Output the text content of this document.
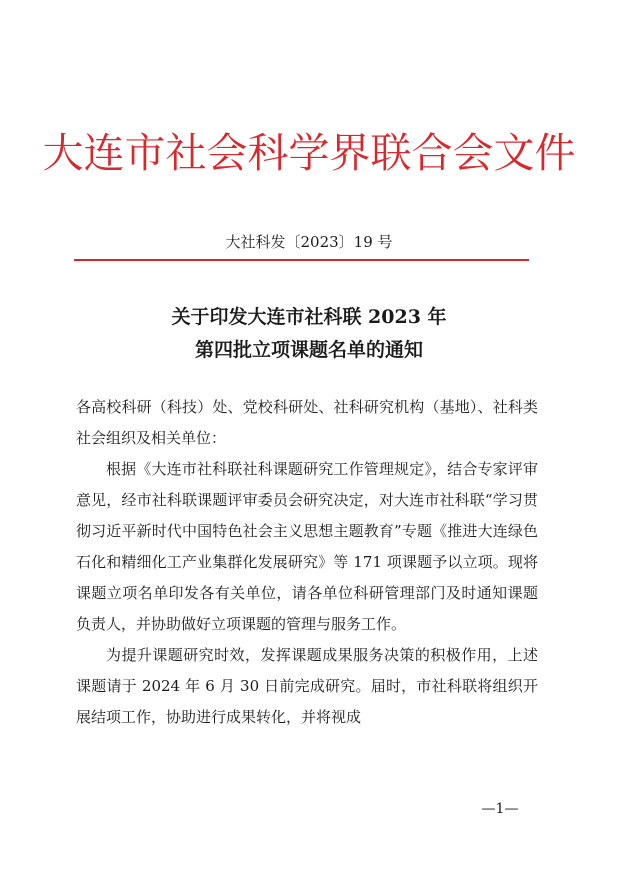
大连市社会科学界联合会文件
大社科发〔2023〕19 号
关于印发大连市社科联 2023 年
第四批立项课题名单的通知

各高校科研（科技）处、党校科研处、社科研究机构（基地）、社科类社会组织及相关单位：

根据《大连市社科联社科课题研究工作管理规定》，结合专家评审意见，经市社科联课题评审委员会研究决定，对大连市社科联“学习贯彻习近平新时代中国特色社会主义思想主题教育”专题《推进大连绿色石化和精细化工产业集群化发展研究》等 171 项课题予以立项。现将课题立项名单印发各有关单位，请各单位科研管理部门及时通知课题负责人，并协助做好立项课题的管理与服务工作。

为提升课题研究时效，发挥课题成果服务决策的积极作用，上述课题请于 2024 年 6 月 30 日前完成研究。届时，市社科联将组织开展结项工作，协助进行成果转化，并将视成

—1—
